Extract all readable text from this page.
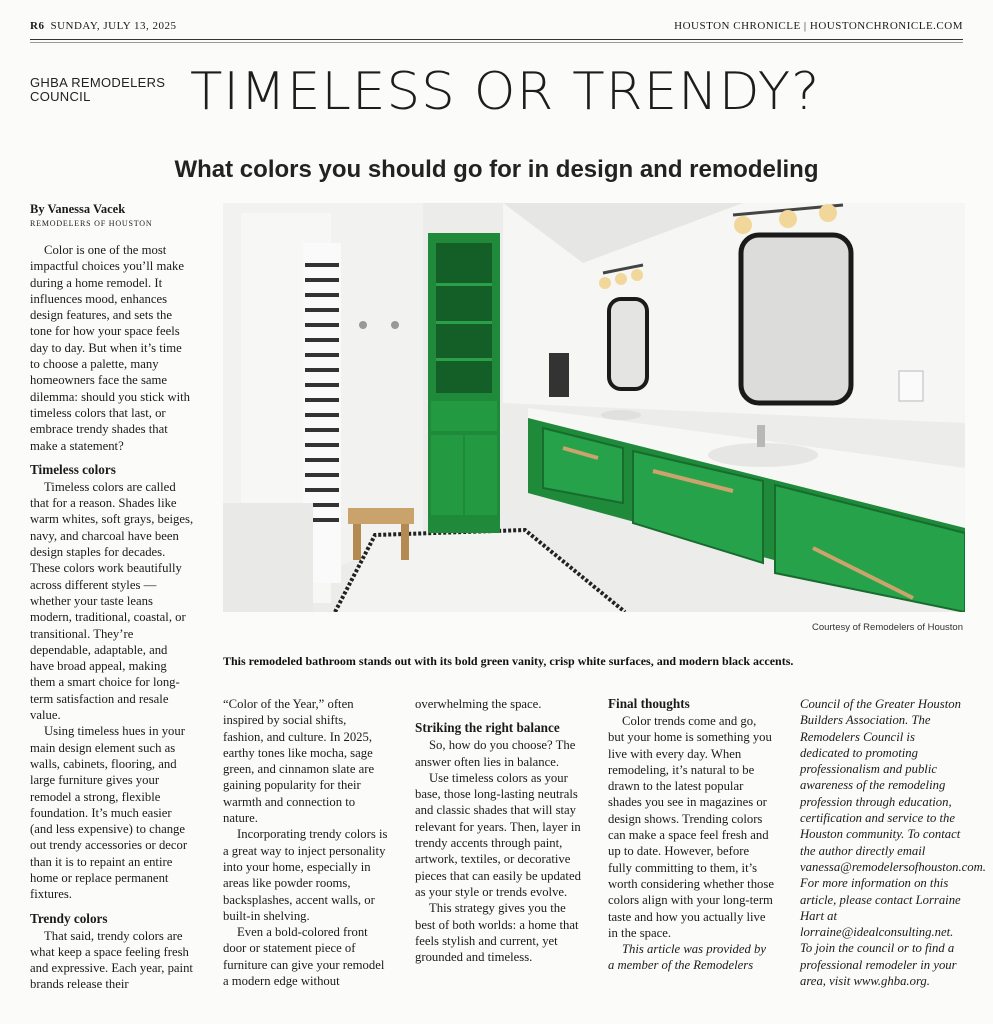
R6 SUNDAY, JULY 13, 2025	HOUSTON CHRONICLE | HOUSTONCHRONICLE.COM
GHBA REMODELERS
COUNCIL	TIMELESS OR TRENDY?
What colors you should go for in design and remodeling
By Vanessa Vacek
REMODELERS OF HOUSTON

Color is one of the most impactful choices you’ll make during a home remodel. It influences mood, enhances design features, and sets the tone for how your space feels day to day. But when it’s time to choose a palette, many homeowners face the same dilemma: should you stick with timeless colors that last, or embrace trendy shades that make a statement?

Timeless colors

Timeless colors are called that for a reason. Shades like warm whites, soft grays, beiges, navy, and charcoal have been design staples for decades. These colors work beautifully across different styles — whether your taste leans modern, traditional, coastal, or transitional. They’re dependable, adaptable, and have broad appeal, making them a smart choice for long-term satisfaction and resale value.

Using timeless hues in your main design element such as walls, cabinets, flooring, and large furniture gives your remodel a strong, flexible foundation. It’s much easier (and less expensive) to change out trendy accessories or decor than it is to repaint an entire home or replace permanent fixtures.

Trendy colors

That said, trendy colors are what keep a space feeling fresh and expressive. Each year, paint brands release their

Courtesy of Remodelers of Houston
This remodeled bathroom stands out with its bold green vanity, crisp white surfaces, and modern black accents.

“Color of the Year,” often inspired by social shifts, fashion, and culture. In 2025, earthy tones like mocha, sage green, and cinnamon slate are gaining popularity for their warmth and connection to nature.

Incorporating trendy colors is a great way to inject personality into your home, especially in areas like powder rooms, backsplashes, accent walls, or built-in shelving.

Even a bold-colored front door or statement piece of furniture can give your remodel a modern edge without

overwhelming the space.

Striking the right balance

So, how do you choose? The answer often lies in balance.

Use timeless colors as your base, those long-lasting neutrals and classic shades that will stay relevant for years. Then, layer in trendy accents through paint, artwork, textiles, or decorative pieces that can easily be updated as your style or trends evolve.

This strategy gives you the best of both worlds: a home that feels stylish and current, yet grounded and timeless.

Final thoughts

Color trends come and go, but your home is something you live with every day. When remodeling, it’s natural to be drawn to the latest popular shades you see in magazines or design shows. Trending colors can make a space feel fresh and up to date. However, before fully committing to them, it’s worth considering whether those colors align with your long-term taste and how you actually live in the space.

This article was provided by a member of the Remodelers

Council of the Greater Houston Builders Association. The Remodelers Council is dedicated to promoting professionalism and public awareness of the remodeling profession through education, certification and service to the Houston community. To contact the author directly email vanessa@remodelersofhouston.com. For more information on this article, please contact Lorraine Hart at lorraine@idealconsulting.net. To join the council or to find a professional remodeler in your area, visit www.ghba.org.
